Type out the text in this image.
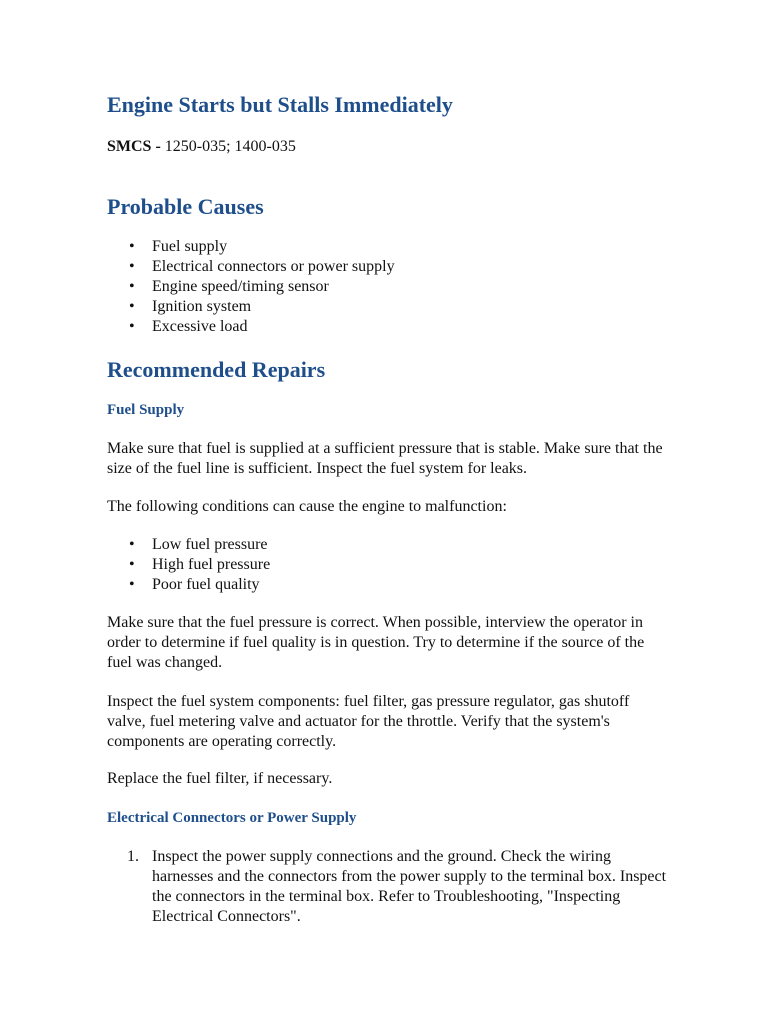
Engine Starts but Stalls Immediately

SMCS - 1250-035; 1400-035

Probable Causes
• Fuel supply
• Electrical connectors or power supply
• Engine speed/timing sensor
• Ignition system
• Excessive load
Recommended Repairs
Fuel Supply

Make sure that fuel is supplied at a sufficient pressure that is stable. Make sure that the size of the fuel line is sufficient. Inspect the fuel system for leaks.

The following conditions can cause the engine to malfunction:

• Low fuel pressure
• High fuel pressure
• Poor fuel quality

Make sure that the fuel pressure is correct. When possible, interview the operator in order to determine if fuel quality is in question. Try to determine if the source of the fuel was changed.

Inspect the fuel system components: fuel filter, gas pressure regulator, gas shutoff valve, fuel metering valve and actuator for the throttle. Verify that the system's components are operating correctly.

Replace the fuel filter, if necessary.

Electrical Connectors or Power Supply
1. Inspect the power supply connections and the ground. Check the wiring harnesses and the connectors from the power supply to the terminal box. Inspect the connectors in the terminal box. Refer to Troubleshooting, "Inspecting Electrical Connectors".
